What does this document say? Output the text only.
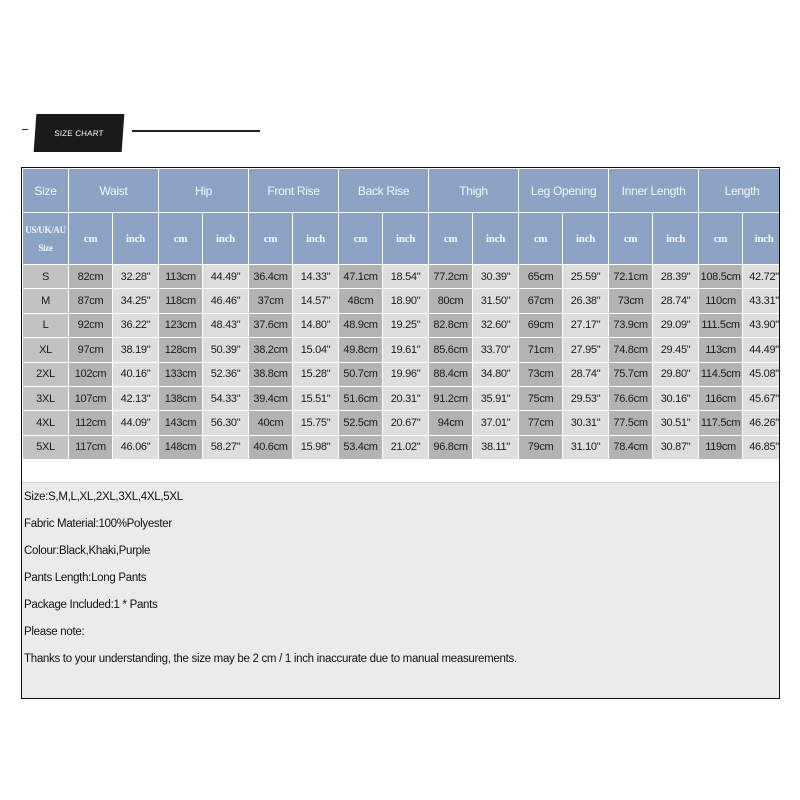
SIZE CHART
Size	Waist		Hip		Front Rise		Back Rise		Thigh		Leg Opening		Inner Length		Length	
US/UK/AU Size	cm	inch	cm	inch	cm	inch	cm	inch	cm	inch	cm	inch	cm	inch	cm	inch
S	82cm	32.28"	113cm	44.49"	36.4cm	14.33"	47.1cm	18.54"	77.2cm	30.39"	65cm	25.59"	72.1cm	28.39"	108.5cm	42.72"
M	87cm	34.25"	118cm	46.46"	37cm	14.57"	48cm	18.90"	80cm	31.50"	67cm	26.38"	73cm	28.74"	110cm	43.31"
L	92cm	36.22"	123cm	48.43"	37.6cm	14.80"	48.9cm	19.25"	82.8cm	32.60"	69cm	27.17"	73.9cm	29.09"	111.5cm	43.90"
XL	97cm	38.19"	128cm	50.39"	38.2cm	15.04"	49.8cm	19.61"	85.6cm	33.70"	71cm	27.95"	74.8cm	29.45"	113cm	44.49"
2XL	102cm	40.16"	133cm	52.36"	38.8cm	15.28"	50.7cm	19.96"	88.4cm	34.80"	73cm	28.74"	75.7cm	29.80"	114.5cm	45.08"
3XL	107cm	42.13"	138cm	54.33"	39.4cm	15.51"	51.6cm	20.31"	91.2cm	35.91"	75cm	29.53"	76.6cm	30.16"	116cm	45.67"
4XL	112cm	44.09"	143cm	56.30"	40cm	15.75"	52.5cm	20.67"	94cm	37.01"	77cm	30.31"	77.5cm	30.51"	117.5cm	46.26"
5XL	117cm	46.06"	148cm	58.27"	40.6cm	15.98"	53.4cm	21.02"	96.8cm	38.11"	79cm	31.10"	78.4cm	30.87"	119cm	46.85"
Size:S,M,L,XL,2XL,3XL,4XL,5XL
Fabric Material:100%Polyester
Colour:Black,Khaki,Purple
Pants Length:Long Pants
Package Included:1 * Pants
Please note:
Thanks to your understanding, the size may be 2 cm / 1 inch inaccurate due to manual measurements.
